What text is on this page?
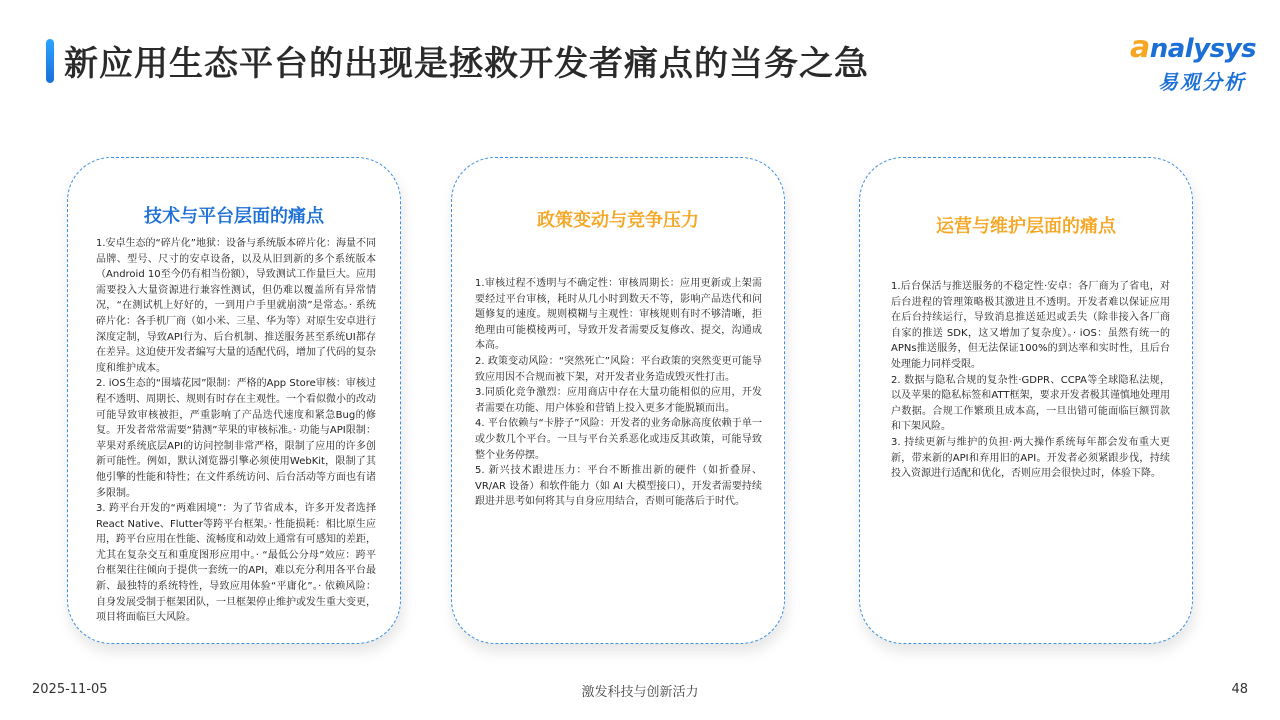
新应用生态平台的出现是拯救开发者痛点的当务之急	analysys
易观分析
技术与平台层面的痛点

1.安卓生态的“碎片化”地狱：设备与系统版本碎片化：海量不同品牌、型号、尺寸的安卓设备，以及从旧到新的多个系统版本（Android 10至今仍有相当份额），导致测试工作量巨大。应用需要投入大量资源进行兼容性测试，但仍难以覆盖所有异常情况，“在测试机上好好的，一到用户手里就崩溃”是常态。· 系统碎片化：各手机厂商（如小米、三星、华为等）对原生安卓进行深度定制，导致API行为、后台机制、推送服务甚至系统UI都存在差异。这迫使开发者编写大量的适配代码，增加了代码的复杂度和维护成本。

2. iOS生态的“围墙花园”限制：严格的App Store审核：审核过程不透明、周期长、规则有时存在主观性。一个看似微小的改动可能导致审核被拒，严重影响了产品迭代速度和紧急Bug的修复。开发者常常需要“猜测”苹果的审核标准。· 功能与API限制：苹果对系统底层API的访问控制非常严格，限制了应用的许多创新可能性。例如，默认浏览器引擎必须使用WebKit，限制了其他引擎的性能和特性；在文件系统访问、后台活动等方面也有诸多限制。

3. 跨平台开发的“两难困境”：为了节省成本，许多开发者选择React Native、Flutter等跨平台框架。· 性能损耗：相比原生应用，跨平台应用在性能、流畅度和动效上通常有可感知的差距，尤其在复杂交互和重度图形应用中。· “最低公分母”效应：跨平台框架往往倾向于提供一套统一的API，难以充分利用各平台最新、最独特的系统特性，导致应用体验“平庸化”。· 依赖风险：自身发展受制于框架团队，一旦框架停止维护或发生重大变更，项目将面临巨大风险。

政策变动与竞争压力

1.审核过程不透明与不确定性：审核周期长：应用更新或上架需要经过平台审核，耗时从几小时到数天不等，影响产品迭代和问题修复的速度。规则模糊与主观性：审核规则有时不够清晰，拒绝理由可能模棱两可，导致开发者需要反复修改、提交，沟通成本高。

2. 政策变动风险：“突然死亡”风险：平台政策的突然变更可能导致应用因不合规而被下架，对开发者业务造成毁灭性打击。

3.同质化竞争激烈：应用商店中存在大量功能相似的应用，开发者需要在功能、用户体验和营销上投入更多才能脱颖而出。

4. 平台依赖与“卡脖子”风险：开发者的业务命脉高度依赖于单一或少数几个平台。一旦与平台关系恶化或违反其政策，可能导致整个业务停摆。

5. 新兴技术跟进压力：平台不断推出新的硬件（如折叠屏、VR/AR 设备）和软件能力（如 AI 大模型接口），开发者需要持续跟进并思考如何将其与自身应用结合，否则可能落后于时代。

运营与维护层面的痛点

1.后台保活与推送服务的不稳定性·安卓：各厂商为了省电，对后台进程的管理策略极其激进且不透明。开发者难以保证应用在后台持续运行，导致消息推送延迟或丢失（除非接入各厂商自家的推送 SDK，这又增加了复杂度）。· iOS：虽然有统一的APNs推送服务，但无法保证100%的到达率和实时性，且后台处理能力同样受限。

2. 数据与隐私合规的复杂性·GDPR、CCPA等全球隐私法规，以及苹果的隐私标签和ATT框架，要求开发者极其谨慎地处理用户数据。合规工作繁琐且成本高，一旦出错可能面临巨额罚款和下架风险。

3. 持续更新与维护的负担·两大操作系统每年都会发布重大更新，带来新的API和弃用旧的API。开发者必须紧跟步伐，持续投入资源进行适配和优化，否则应用会很快过时，体验下降。

2025-11-05	激发科技与创新活力	48
